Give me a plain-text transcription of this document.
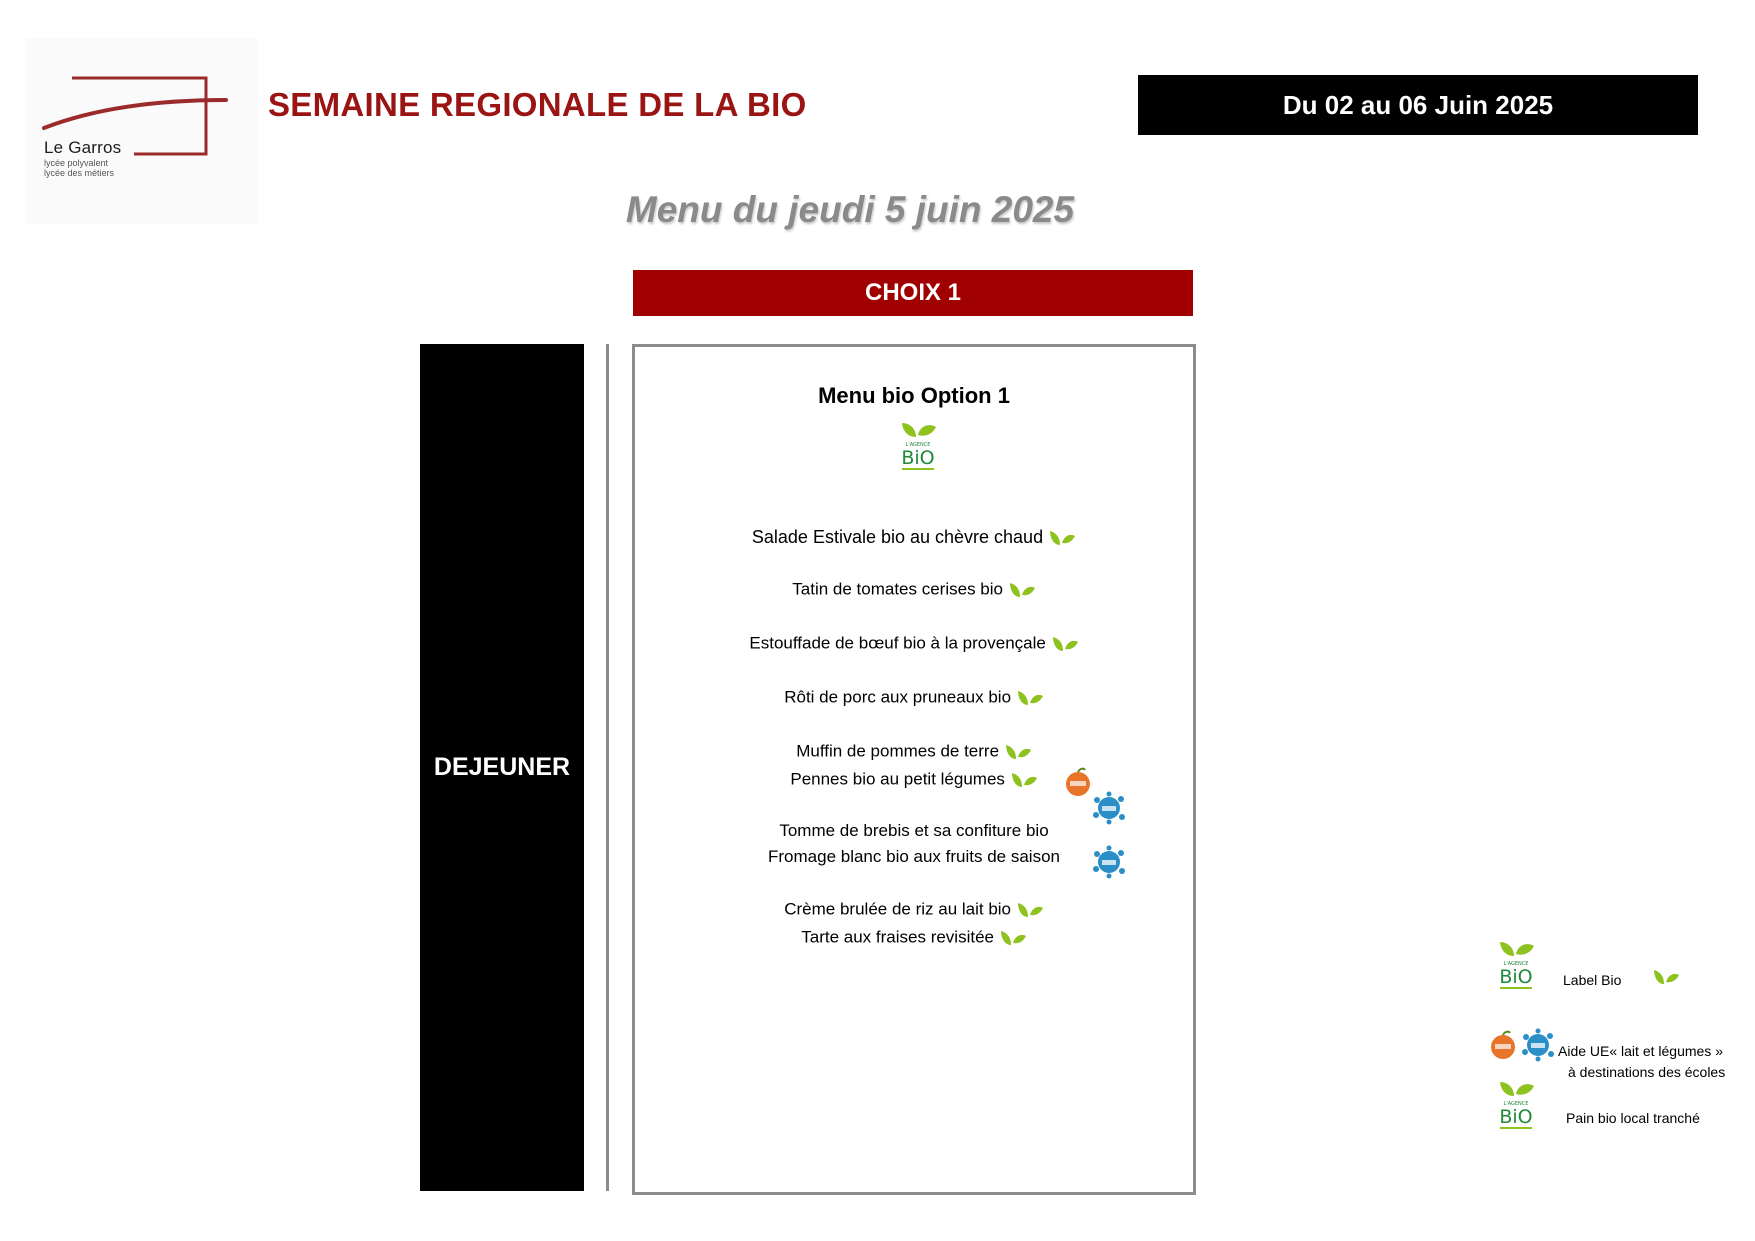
Le Garros
lycée polyvalent
lycée des métiers
SEMAINE REGIONALE DE LA BIO	Du 02 au 06 Juin 2025
Menu du jeudi 5 juin 2025
CHOIX 1
DEJEUNER
Menu bio Option 1
L'AGENCE
BiO
Salade Estivale bio au chèvre chaud
Tatin de tomates cerises bio
Estouffade de bœuf bio à la provençale
Rôti de porc aux pruneaux bio
Muffin de pommes de terre
Pennes bio au petit légumes
Tomme de brebis et sa confiture bio
Fromage blanc bio aux fruits de saison
Crème brulée de riz au lait bio
Tarte aux fraises revisitée
L'AGENCE
BiO Label Bio
Aide UE« lait et légumes »
à destinations des écoles
L'AGENCE
BiO Pain bio local tranché
